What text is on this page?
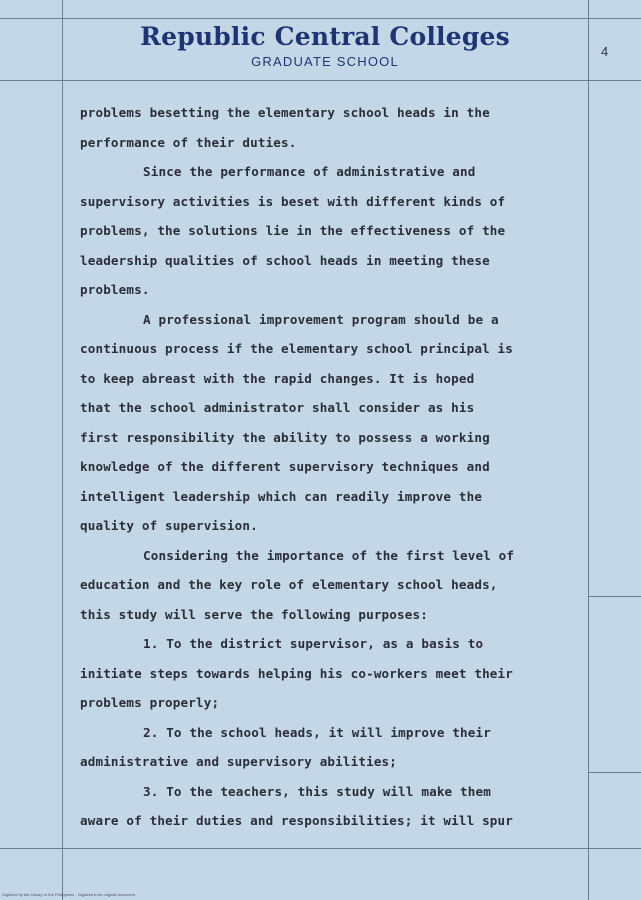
Republic Central Colleges
GRADUATE SCHOOL
4
problems besetting the elementary school heads in the
performance of their duties.
Since the performance of administrative and
supervisory activities is beset with different kinds of
problems, the solutions lie in the effectiveness of the
leadership qualities of school heads in meeting these
problems.
A professional improvement program should be a
continuous process if the elementary school principal is
to keep abreast with the rapid changes. It is hoped
that the school administrator shall consider as his
first responsibility the ability to possess a working
knowledge of the different supervisory techniques and
intelligent leadership which can readily improve the
quality of supervision.
Considering the importance of the first level of
education and the key role of elementary school heads,
this study will serve the following purposes:
1. To the district supervisor, as a basis to
initiate steps towards helping his co-workers meet their
problems properly;
2. To the school heads, it will improve their
administrative and supervisory abilities;
3. To the teachers, this study will make them
aware of their duties and responsibilities; it will spur
Digitized by the Library of the Philippines · Digitized from original document
